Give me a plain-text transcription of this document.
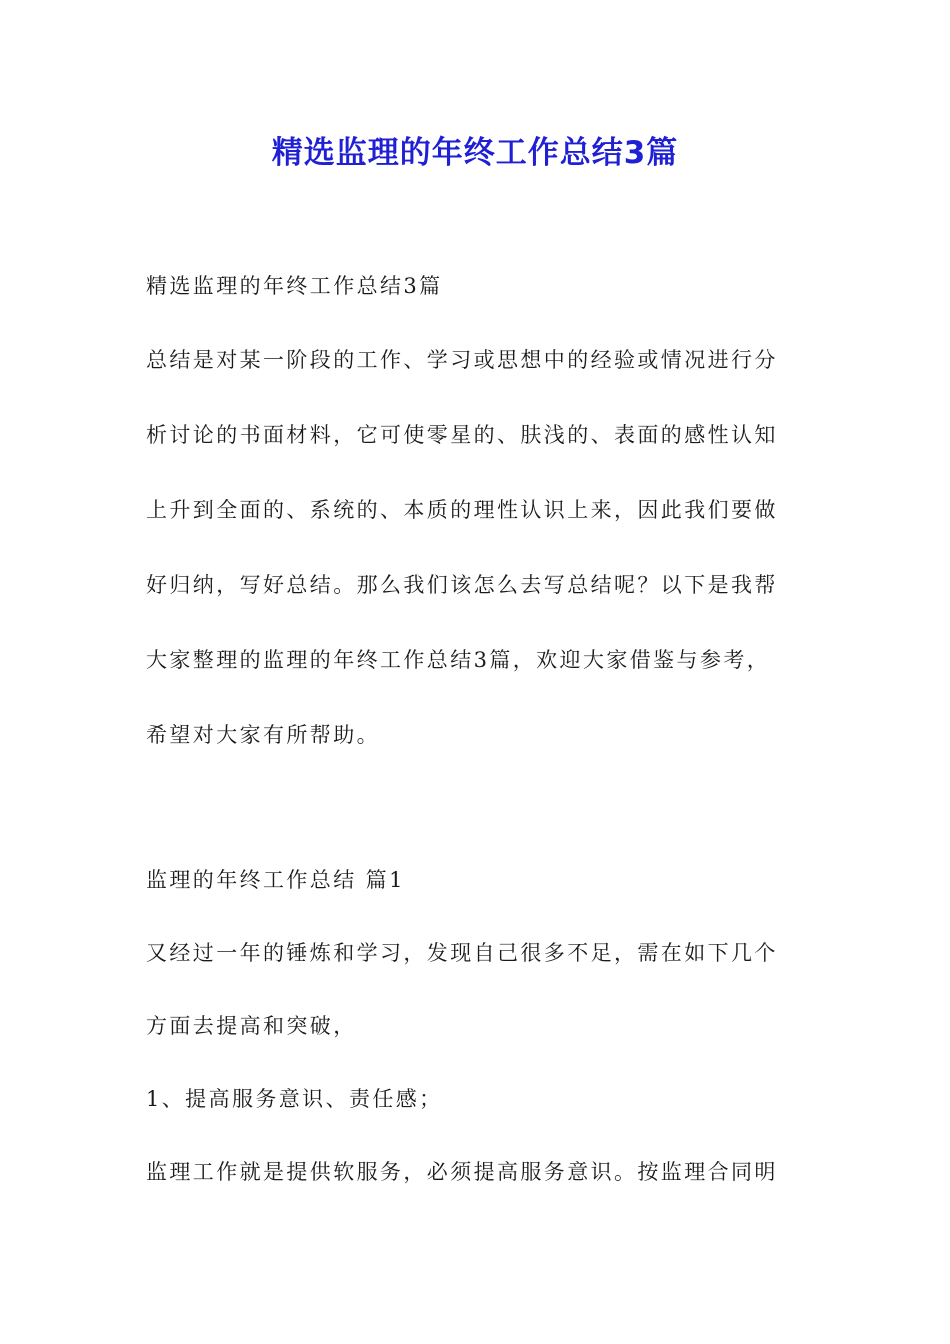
精选监理的年终工作总结3篇
精选监理的年终工作总结3篇
总结是对某一阶段的工作、学习或思想中的经验或情况进行分
析讨论的书面材料，它可使零星的、肤浅的、表面的感性认知
上升到全面的、系统的、本质的理性认识上来，因此我们要做
好归纳，写好总结。那么我们该怎么去写总结呢？以下是我帮
大家整理的监理的年终工作总结3篇，欢迎大家借鉴与参考，
希望对大家有所帮助。
监理的年终工作总结 篇1
又经过一年的锤炼和学习，发现自己很多不足，需在如下几个
方面去提高和突破，
1、提高服务意识、责任感；
监理工作就是提供软服务，必须提高服务意识。按监理合同明
